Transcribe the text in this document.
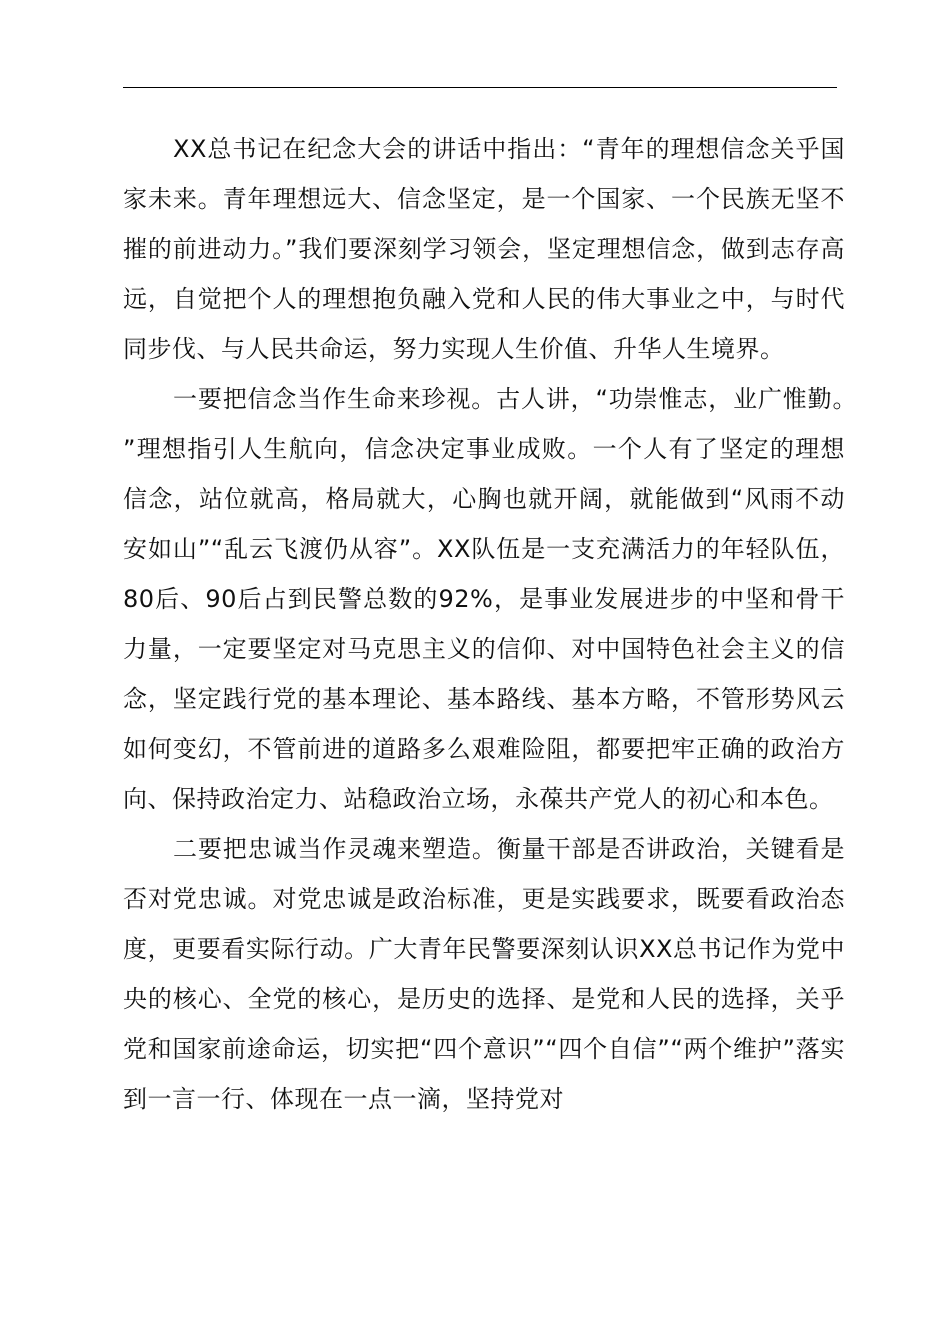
XX总书记在纪念大会的讲话中指出：“青年的理想信念关乎国家未来。青年理想远大、信念坚定，是一个国家、一个民族无坚不摧的前进动力。”我们要深刻学习领会，坚定理想信念，做到志存高远，自觉把个人的理想抱负融入党和人民的伟大事业之中，与时代同步伐、与人民共命运，努力实现人生价值、升华人生境界。

一要把信念当作生命来珍视。古人讲，“功崇惟志，业广惟勤。”理想指引人生航向，信念决定事业成败。一个人有了坚定的理想信念，站位就高，格局就大，心胸也就开阔，就能做到“风雨不动安如山”“乱云飞渡仍从容”。XX队伍是一支充满活力的年轻队伍，80后、90后占到民警总数的92%，是事业发展进步的中坚和骨干力量，一定要坚定对马克思主义的信仰、对中国特色社会主义的信念，坚定践行党的基本理论、基本路线、基本方略，不管形势风云如何变幻，不管前进的道路多么艰难险阻，都要把牢正确的政治方向、保持政治定力、站稳政治立场，永葆共产党人的初心和本色。

二要把忠诚当作灵魂来塑造。衡量干部是否讲政治，关键看是否对党忠诚。对党忠诚是政治标准，更是实践要求，既要看政治态度，更要看实际行动。广大青年民警要深刻认识XX总书记作为党中央的核心、全党的核心，是历史的选择、是党和人民的选择，关乎党和国家前途命运，切实把“四个意识”“四个自信”“两个维护”落实到一言一行、体现在一点一滴，坚持党对
